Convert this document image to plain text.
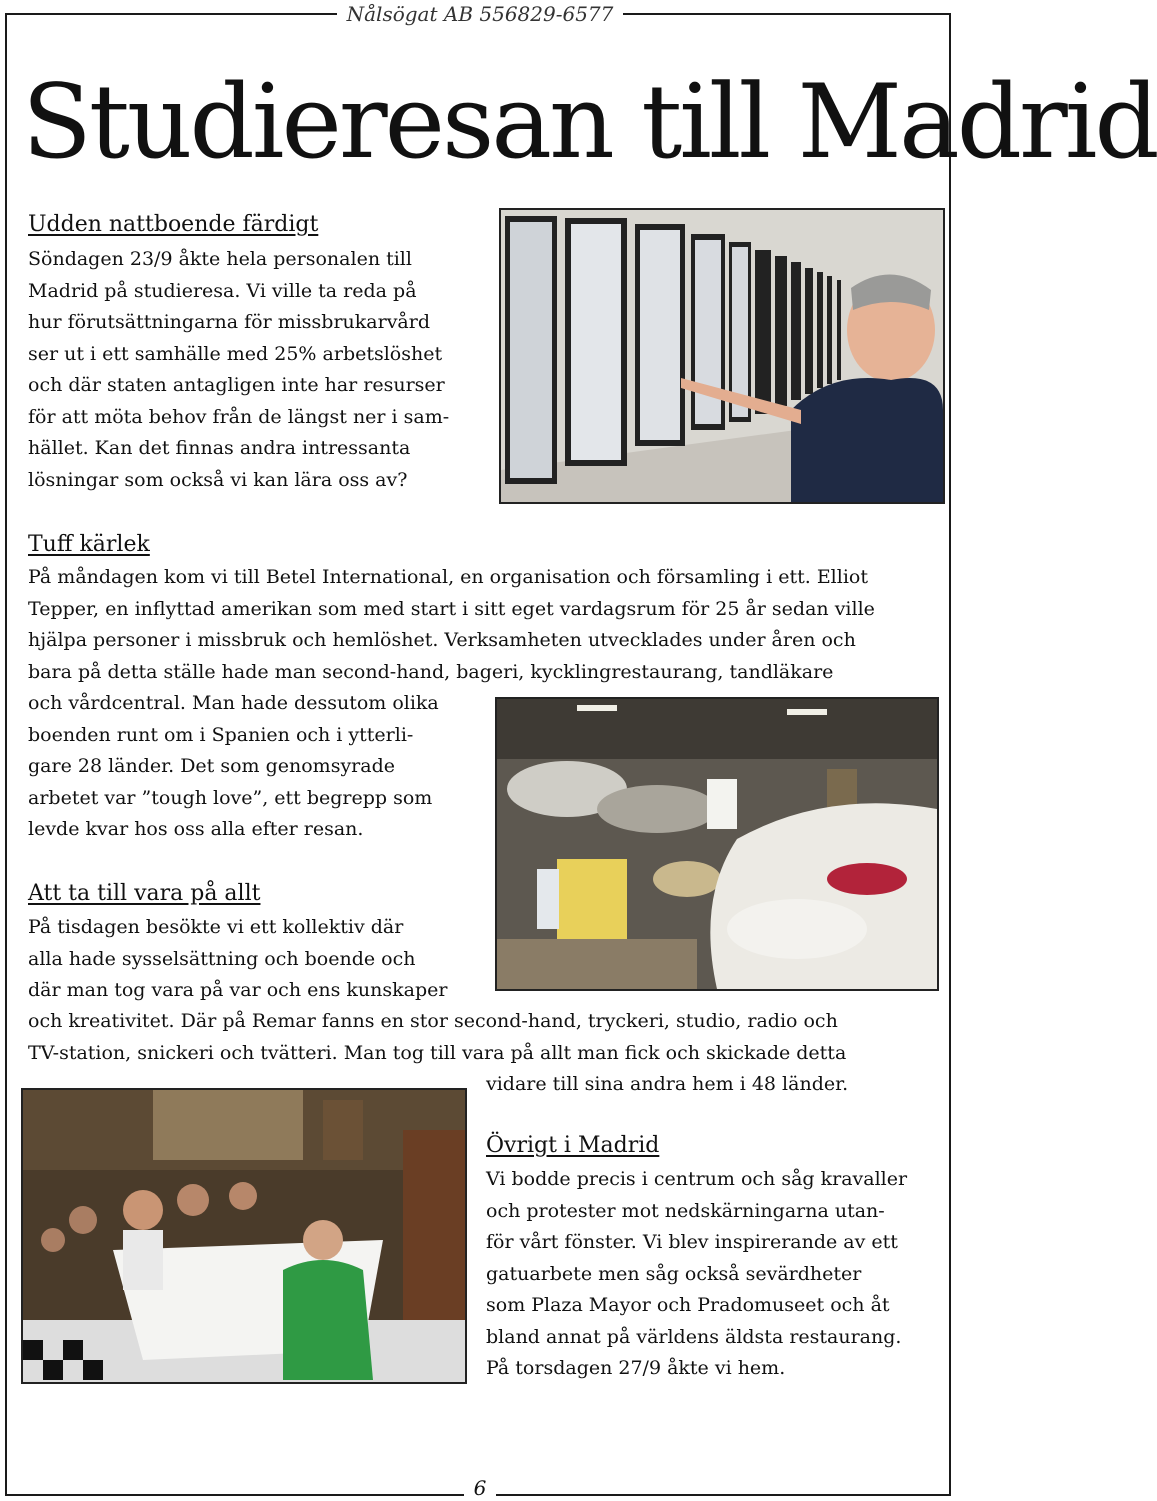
Nålsögat AB 556829-6577
Studieresan till Madrid
Udden nattboende färdigt
Söndagen 23/9 åkte hela personalen till
Madrid på studieresa. Vi ville ta reda på
hur förutsättningarna för missbrukarvård
ser ut i ett samhälle med 25% arbetslöshet
och där staten antagligen inte har resurser
för att möta behov från de längst ner i sam-
hället. Kan det finnas andra intressanta
lösningar som också vi kan lära oss av?
Tuff kärlek
På måndagen kom vi till Betel International, en organisation och församling i ett. Elliot
Tepper, en inflyttad amerikan som med start i sitt eget vardagsrum för 25 år sedan ville
hjälpa personer i missbruk och hemlöshet. Verksamheten utvecklades under åren och
bara på detta ställe hade man second-hand, bageri, kycklingrestaurang, tandläkare
och vårdcentral. Man hade dessutom olika
boenden runt om i Spanien och i ytterli-
gare 28 länder. Det som genomsyrade
arbetet var ”tough love”, ett begrepp som
levde kvar hos oss alla efter resan.
Att ta till vara på allt
På tisdagen besökte vi ett kollektiv där
alla hade sysselsättning och boende och
där man tog vara på var och ens kunskaper
och kreativitet. Där på Remar fanns en stor second-hand, tryckeri, studio, radio och
TV-station, snickeri och tvätteri. Man tog till vara på allt man fick och skickade detta
vidare till sina andra hem i 48 länder.
Övrigt i Madrid
Vi bodde precis i centrum och såg kravaller
och protester mot nedskärningarna utan-
för vårt fönster. Vi blev inspirerande av ett
gatuarbete men såg också sevärdheter
som Plaza Mayor och Pradomuseet och åt
bland annat på världens äldsta restaurang.
På torsdagen 27/9 åkte vi hem.
6
